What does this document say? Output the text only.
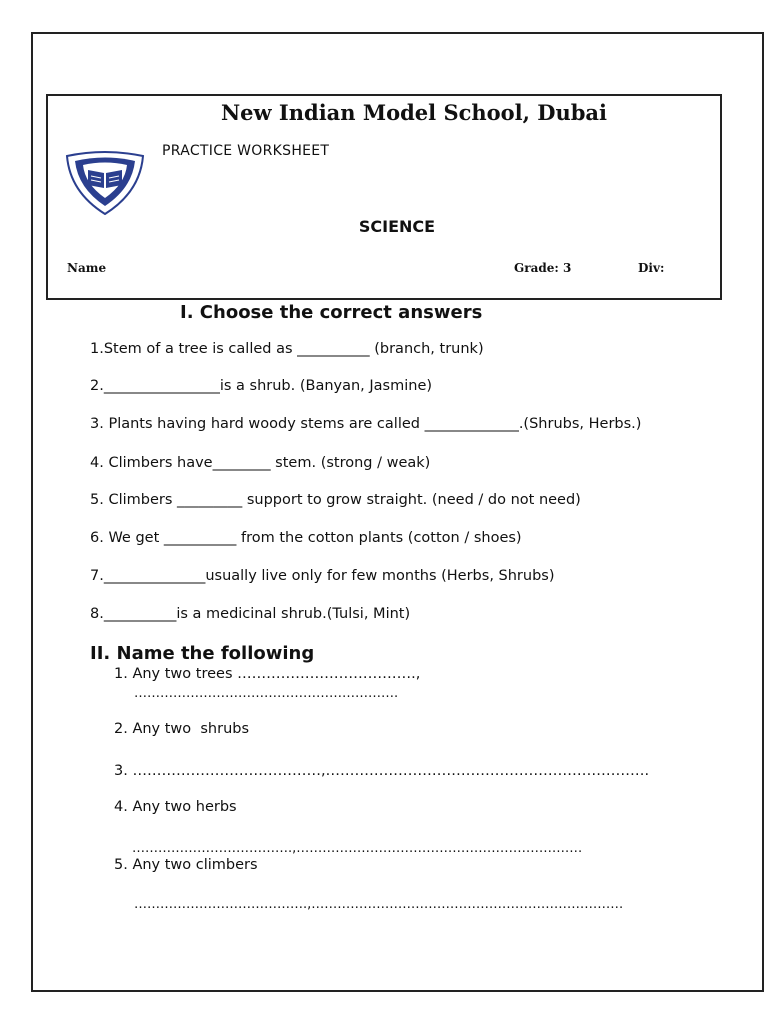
New Indian Model School, Dubai
PRACTICE WORKSHEET
SCIENCE
Name	Grade: 3	Div:
I. Choose the correct answers
1.Stem of a tree is called as __________ (branch, trunk)
2.________________is a shrub. (Banyan, Jasmine)
3. Plants having hard woody stems are called _____________.(Shrubs, Herbs.)
4. Climbers have________ stem. (strong / weak)
5. Climbers _________ support to grow straight. (need / do not need)
6. We get __________ from the cotton plants (cotton / shoes)
7.______________usually live only for few months (Herbs, Shrubs)
8.__________is a medicinal shrub.(Tulsi, Mint)
II. Name the following
1. Any two trees ……………………………….,
…………………………………………………….
2. Any two  shrubs
3. …………………………………,………………………………………………………….
4. Any two herbs
……………………………….,…………………………………………………………
5. Any two climbers
………………………………….,………………………………………………………………
